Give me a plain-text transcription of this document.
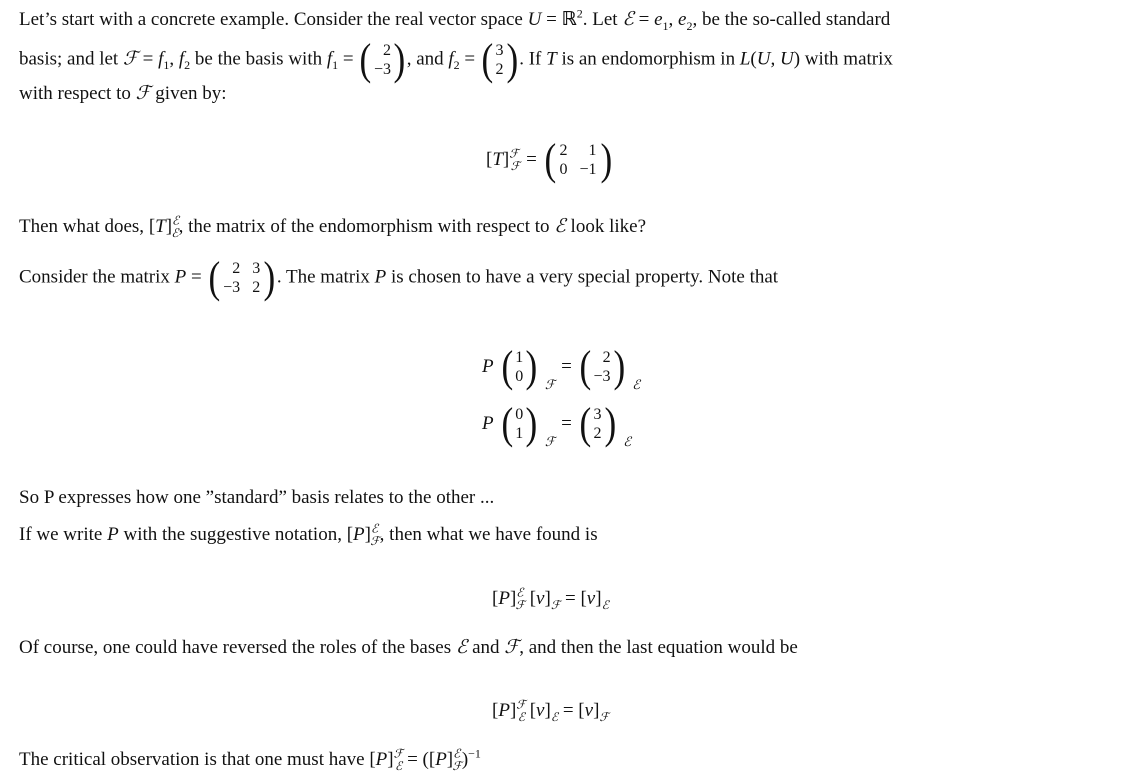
Let’s start with a concrete example. Consider the real vector space U = ℝ$^2$. Let ℰ = $e_1$, $e_2$, be the so-called standard
basis; and let ℱ = $f_1$, $f_2$ be the basis with $f_1$ = ( 2
−3 ) , and $f_2$ = ( 3
2 ) . If T is an endomorphism in L(U, U) with matrix
with respect to ℱ given by:
$[T]^ℱ_ℱ$ = ( 2	1
0 −1 )
Then what does, $[T]^ℰ_ℰ$, the matrix of the endomorphism with respect to ℰ look like?
Consider the matrix P = ( 2 3
−3 2 ) . The matrix P is chosen to have a very special property. Note that
P ( 1
0 ) ℱ
= ( 2
−3 ) ℰ
P ( 0
1 ) ℱ
= ( 3
2 ) ℰ
So P expresses how one ”standard” basis relates to the other ...
If we write P with the suggestive notation, $[P]^ℰ_ℱ$, then what we have found is
$[P]^ℰ_ℱ$ $[v]_ℱ = [v]_ℰ$
Of course, one could have reversed the roles of the bases ℰ and ℱ, and then the last equation would be
$[P]^ℱ_ℰ$ $[v]_ℰ = [v]_ℱ$
The critical observation is that one must have $[P]^ℱ_ℰ = ([P]^ℰ_ℱ)^{-1}$
